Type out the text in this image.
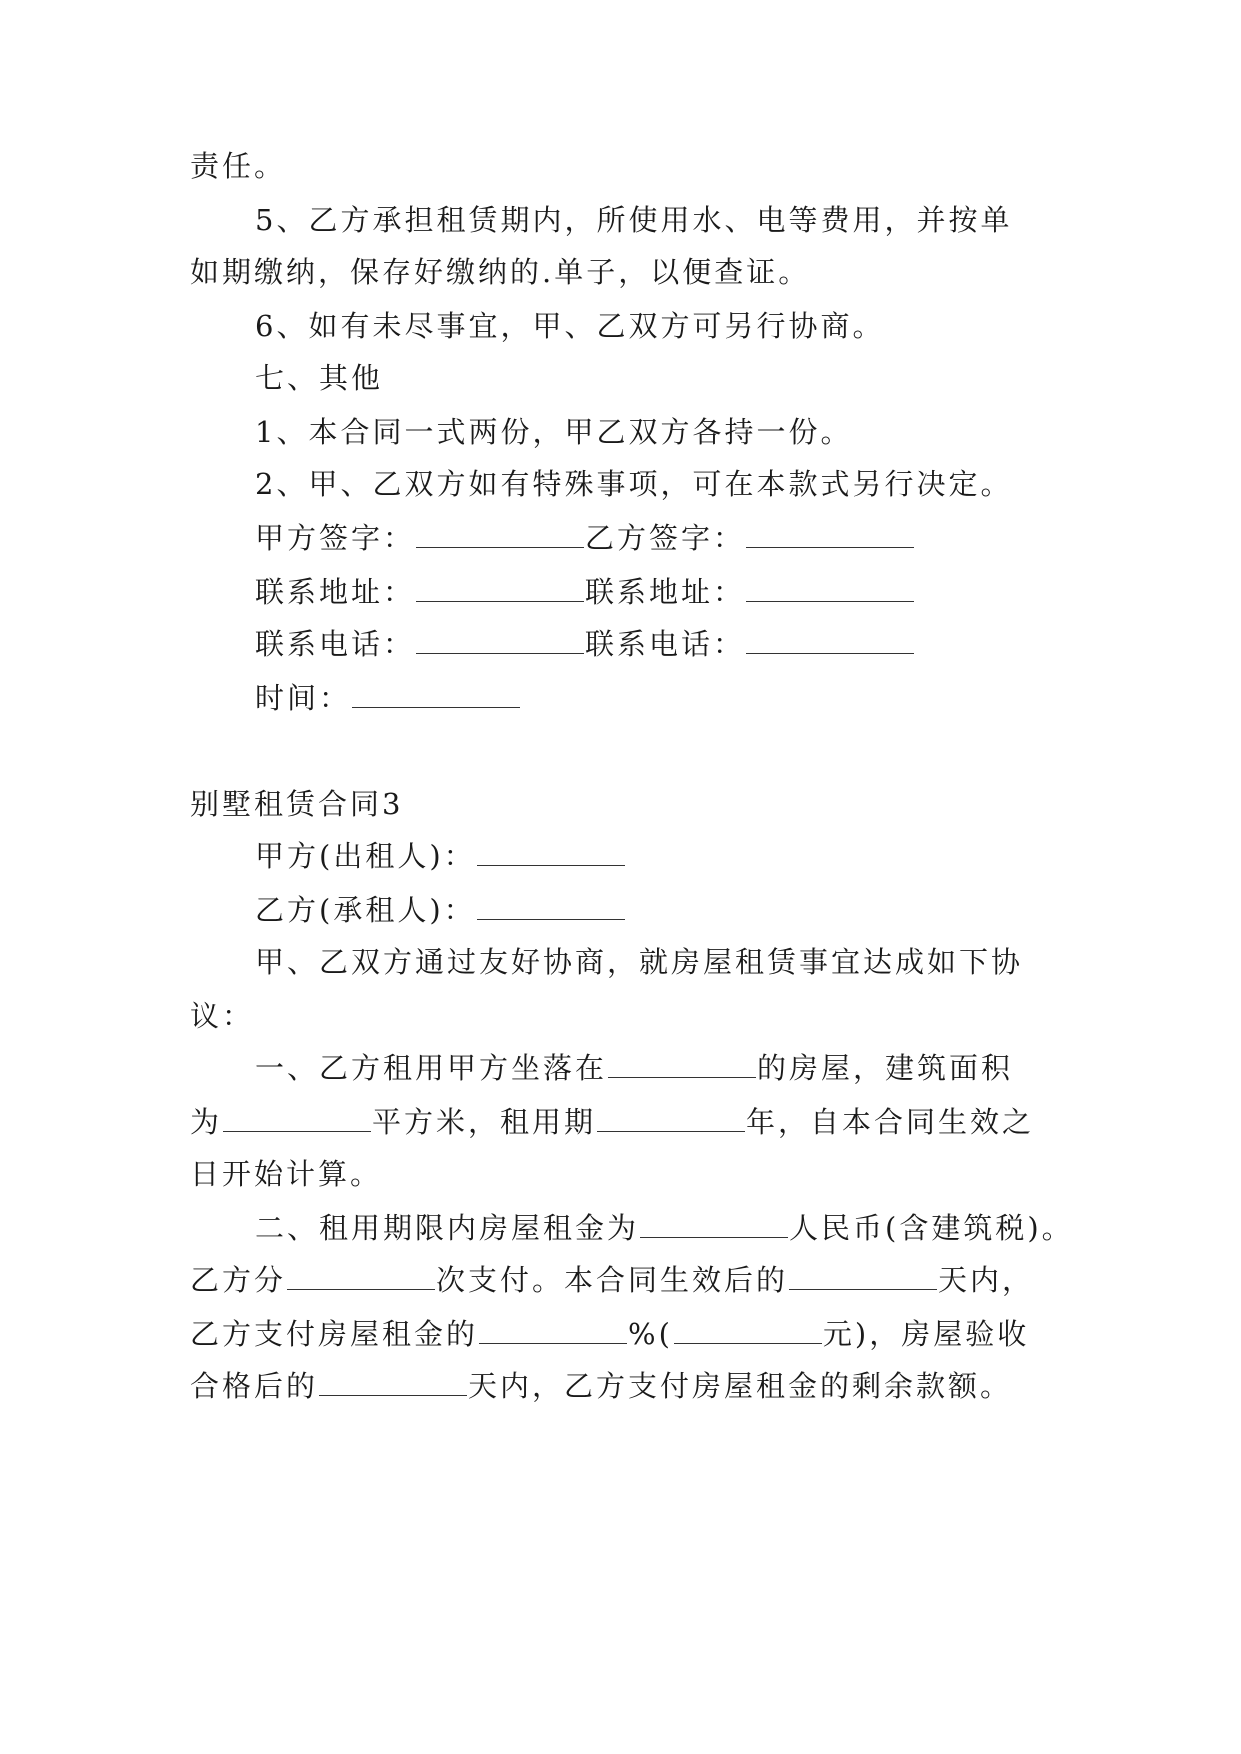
责任。
5、乙方承担租赁期内，所使用水、电等费用，并按单
如期缴纳，保存好缴纳的.单子，以便查证。
6、如有未尽事宜，甲、乙双方可另行协商。
七、其他
1、本合同一式两份，甲乙双方各持一份。
2、甲、乙双方如有特殊事项，可在本款式另行决定。
甲方签字：	乙方签字：
联系地址：	联系地址：
联系电话：	联系电话：
时间：
别墅租赁合同3
甲方(出租人)：
乙方(承租人)：
甲、乙双方通过友好协商，就房屋租赁事宜达成如下协
议：
一、乙方租用甲方坐落在	的房屋，建筑面积
为	平方米，租用期	年，自本合同生效之
日开始计算。
二、租用期限内房屋租金为	人民币(含建筑税)。
乙方分	次支付。本合同生效后的	天内，
乙方支付房屋租金的	%(	元)，房屋验收
合格后的	天内，乙方支付房屋租金的剩余款额。
